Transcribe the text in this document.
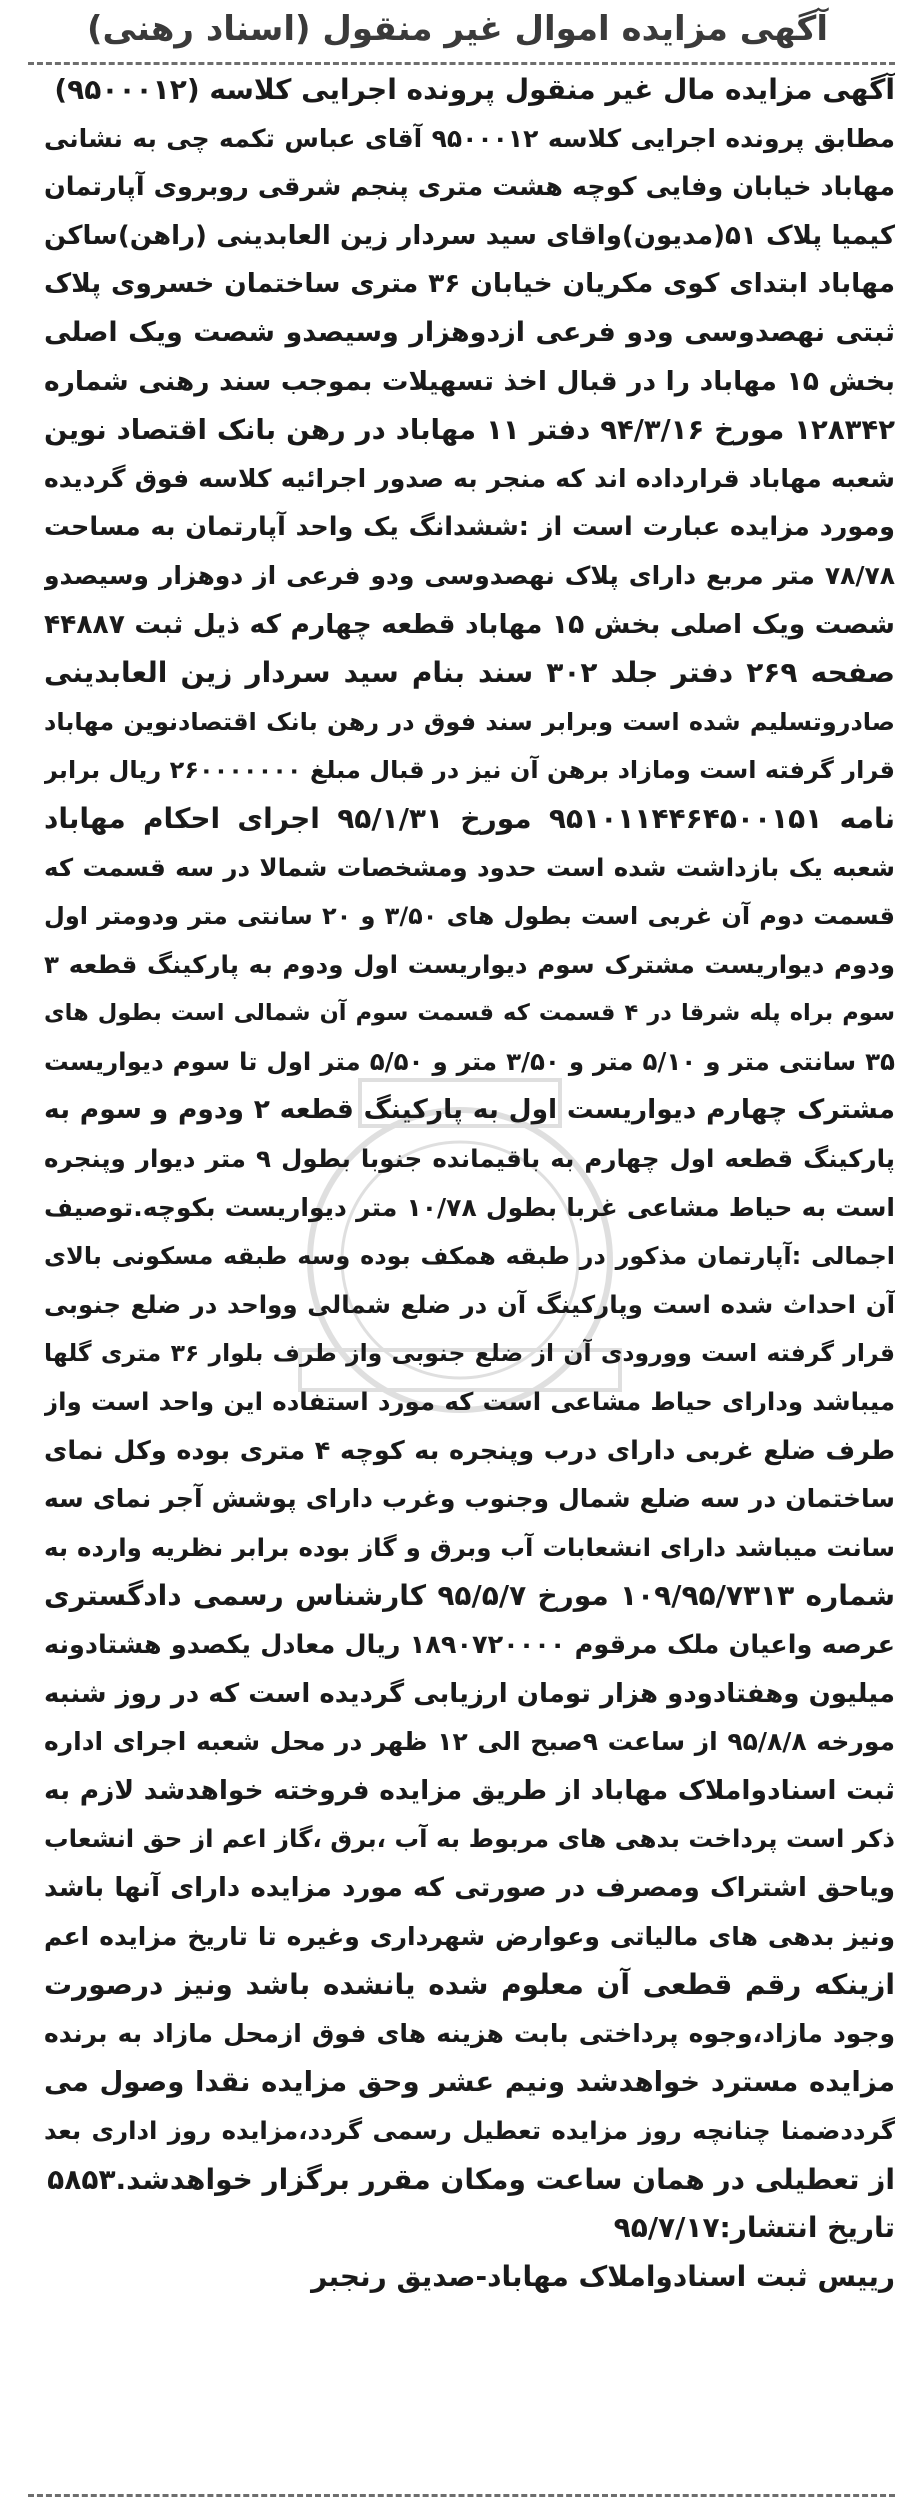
آگهی مزایده اموال غیر منقول (اسناد رهنی)
آگهی مزایده مال غیر منقول پرونده اجرایی کلاسه (۹۵۰۰۰۱۲)
مطابق پرونده اجرایی کلاسه ۹۵۰۰۰۱۲ آقای عباس تکمه چی به نشانی
مهاباد خیابان وفایی کوچه هشت متری پنجم شرقی روبروی آپارتمان
کیمیا پلاک ۵۱(مدیون)واقای سید سردار زین العابدینی (راهن)ساکن
مهاباد ابتدای کوی مکریان خیابان ۳۶ متری ساختمان خسروی پلاک
ثبتی نهصدوسی ودو فرعی ازدوهزار وسیصدو شصت ویک اصلی
بخش ۱۵ مهاباد را در قبال اخذ تسهیلات بموجب سند رهنی شماره
۱۲۸۳۴۲ مورخ ۹۴/۳/۱۶ دفتر ۱۱ مهاباد در رهن بانک اقتصاد نوین
شعبه مهاباد قرارداده اند که منجر به صدور اجرائیه کلاسه فوق گردیده
ومورد مزایده عبارت است از :ششدانگ یک واحد آپارتمان به مساحت
۷۸/۷۸ متر مربع دارای پلاک نهصدوسی ودو فرعی از دوهزار وسیصدو
شصت ویک اصلی بخش ۱۵ مهاباد قطعه چهارم که ذیل ثبت ۴۴۸۸۷
صفحه ۲۶۹ دفتر جلد ۳۰۲ سند بنام سید سردار زین العابدینی
صادروتسلیم شده است وبرابر سند فوق در رهن بانک اقتصادنوین مهاباد
قرار گرفته است ومازاد برهن آن نیز در قبال مبلغ ۲۶۰۰۰۰۰۰۰ ریال برابر
نامه ۹۵۱۰۱۱۴۴۶۴۵۰۰۱۵۱ مورخ ۹۵/۱/۳۱ اجرای احکام مهاباد
شعبه یک بازداشت شده است حدود ومشخصات شمالا در سه قسمت که
قسمت دوم آن غربی است بطول های ۳/۵۰ و ۲۰ سانتی متر ودومتر اول
ودوم دیواریست مشترک سوم دیواریست اول ودوم به پارکینگ قطعه ۳
سوم براه پله شرقا در ۴ قسمت که قسمت سوم آن شمالی است بطول های
۳۵ سانتی متر و ۵/۱۰ متر و ۳/۵۰ متر و ۵/۵۰ متر اول تا سوم دیواریست
مشترک چهارم دیواریست اول به پارکینگ قطعه ۲ ودوم و سوم به
پارکینگ قطعه اول چهارم به باقیمانده جنوبا بطول ۹ متر دیوار وپنجره
است به حیاط مشاعی غربا بطول ۱۰/۷۸ متر دیواریست بکوچه.توصیف
اجمالی :آپارتمان مذکور در طبقه همکف بوده وسه طبقه مسکونی بالای
آن احداث شده است وپارکینگ آن در ضلع شمالی وواحد در ضلع جنوبی
قرار گرفته است وورودی آن از ضلع جنوبی واز طرف بلوار ۳۶ متری گلها
میباشد ودارای حیاط مشاعی است که مورد استفاده این واحد است واز
طرف ضلع غربی دارای درب وپنجره به کوچه ۴ متری بوده وکل نمای
ساختمان در سه ضلع شمال وجنوب وغرب دارای پوشش آجر نمای سه
سانت میباشد دارای انشعابات آب وبرق و گاز بوده برابر نظریه وارده به
شماره ۱۰۹/۹۵/۷۳۱۳ مورخ ۹۵/۵/۷ کارشناس رسمی دادگستری
عرصه واعیان ملک مرقوم ۱۸۹۰۷۲۰۰۰۰ ریال معادل یکصدو هشتادونه
میلیون وهفتادودو هزار تومان ارزیابی گردیده است که در روز شنبه
مورخه ۹۵/۸/۸ از ساعت ۹صبح الی ۱۲ ظهر در محل شعبه اجرای اداره
ثبت اسنادواملاک مهاباد از طریق مزایده فروخته خواهدشد لازم به
ذکر است پرداخت بدهی های مربوط به آب ،برق ،گاز اعم از حق انشعاب
ویاحق اشتراک ومصرف در صورتی که مورد مزایده دارای آنها باشد
ونیز بدهی های مالیاتی وعوارض شهرداری وغیره تا تاریخ مزایده اعم
ازینکه رقم قطعی آن معلوم شده یانشده باشد ونیز درصورت
وجود مازاد،وجوه پرداختی بابت هزینه های فوق ازمحل مازاد به برنده
مزایده مسترد خواهدشد ونیم عشر وحق مزایده نقدا وصول می
گرددضمنا چنانچه روز مزایده تعطیل رسمی گردد،مزایده روز اداری بعد
از تعطیلی در همان ساعت ومکان مقرر برگزار خواهدشد.۵۸۵۳
تاریخ انتشار:۹۵/۷/۱۷
رییس ثبت اسنادواملاک مهاباد-صدیق رنجبر
